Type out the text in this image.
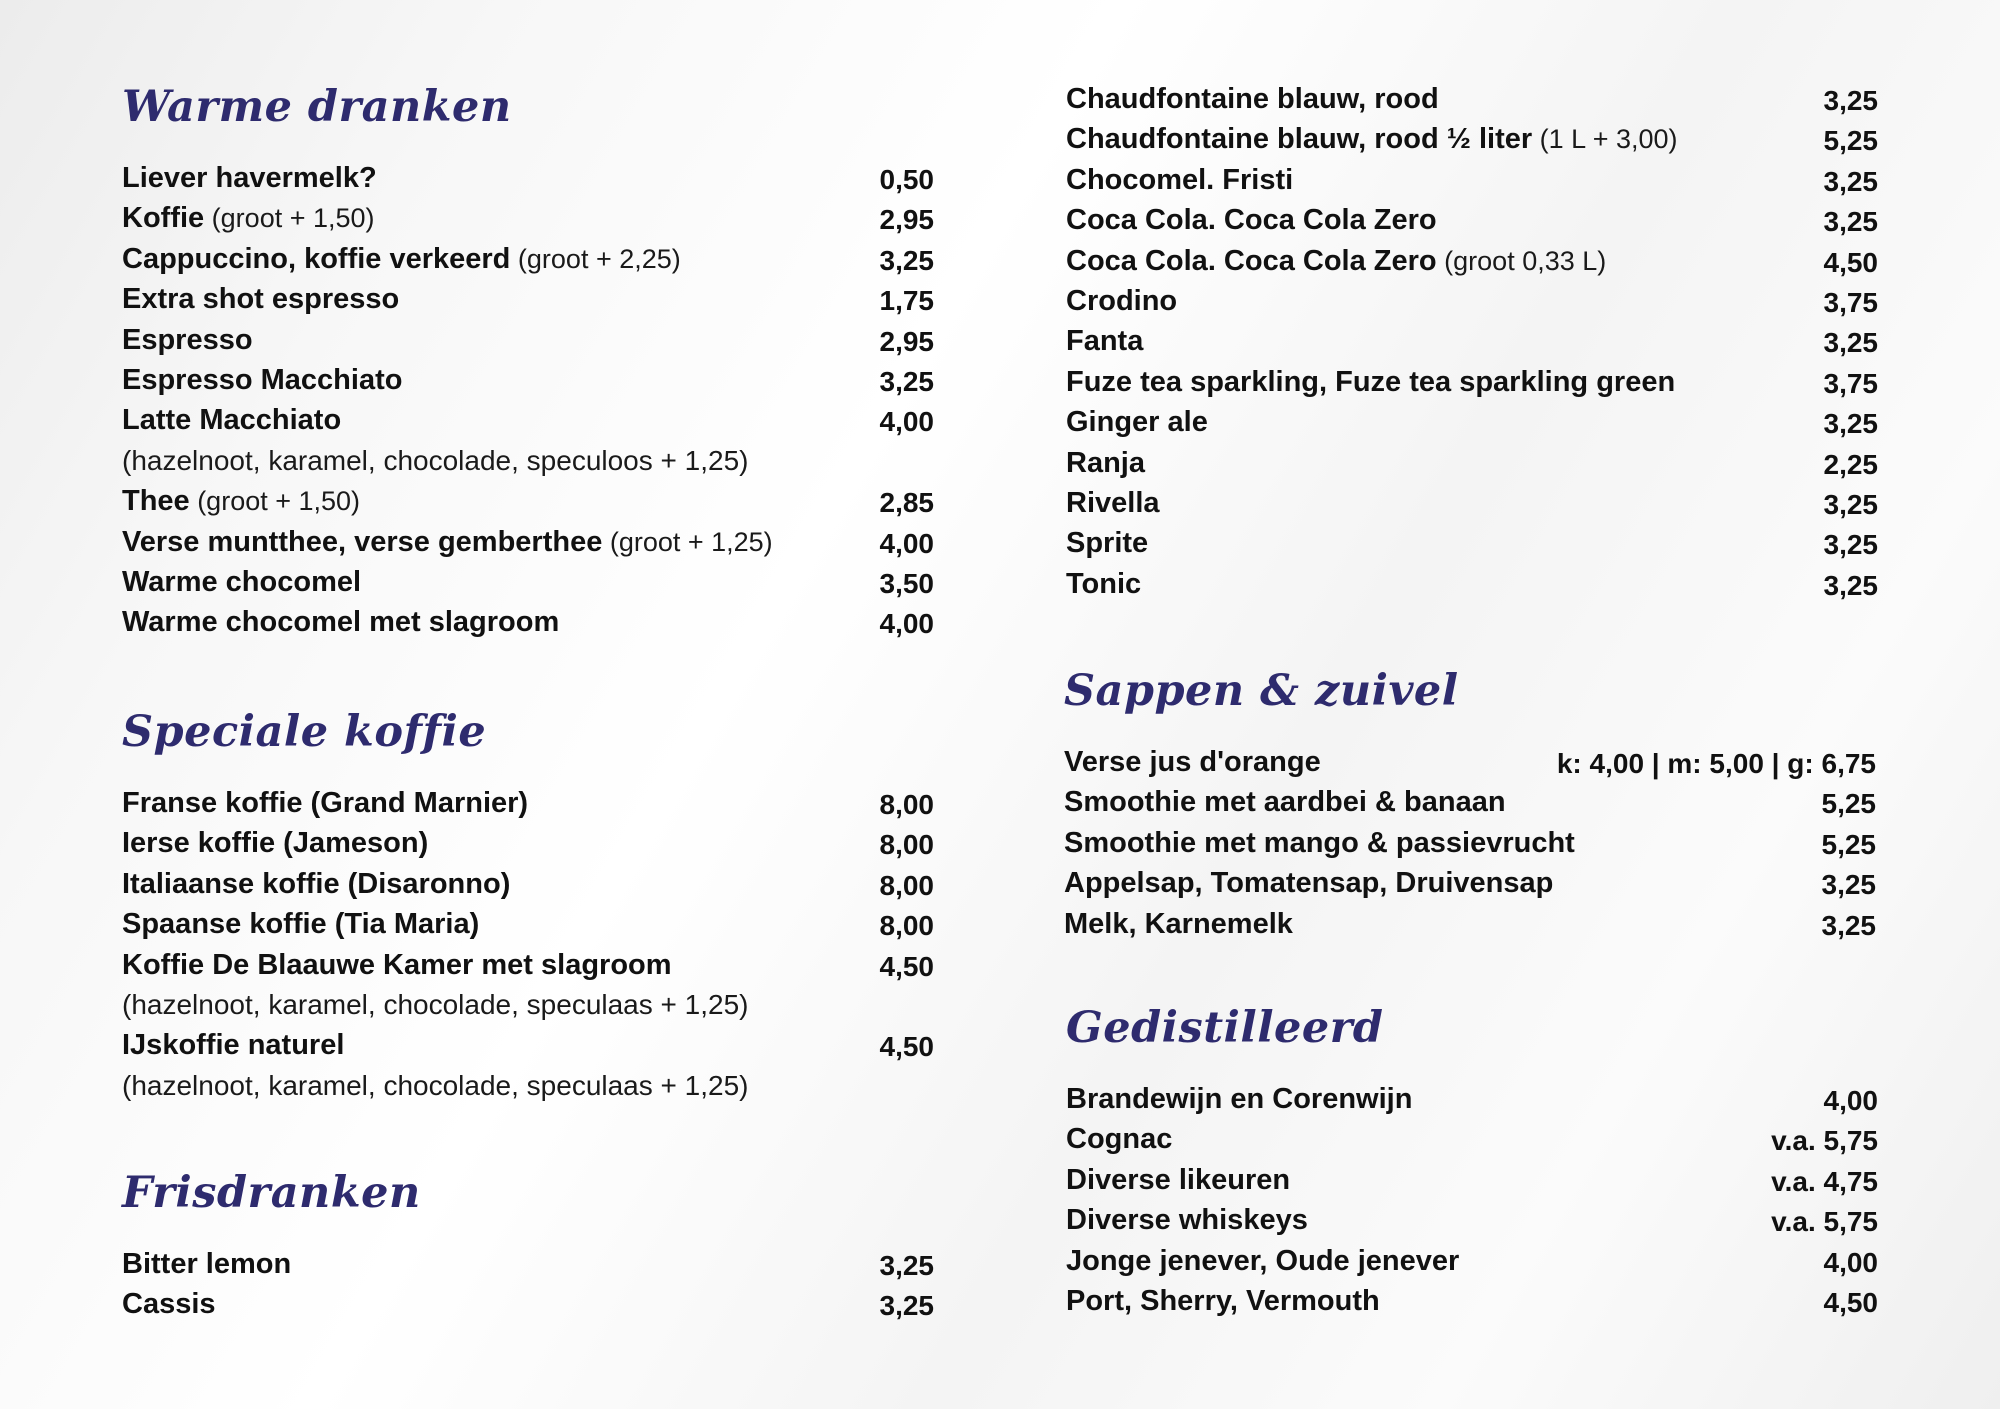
Warme dranken
Liever havermelk?	0,50
Koffie (groot + 1,50)	2,95
Cappuccino, koffie verkeerd (groot + 2,25)	3,25
Extra shot espresso	1,75
Espresso	2,95
Espresso Macchiato	3,25
Latte Macchiato	4,00
(hazelnoot, karamel, chocolade, speculoos + 1,25)
Thee (groot + 1,50)	2,85
Verse muntthee, verse gemberthee (groot + 1,25)	4,00
Warme chocomel	3,50
Warme chocomel met slagroom	4,00
Speciale koffie
Franse koffie (Grand Marnier)	8,00
Ierse koffie (Jameson)	8,00
Italiaanse koffie (Disaronno)	8,00
Spaanse koffie (Tia Maria)	8,00
Koffie De Blaauwe Kamer met slagroom	4,50
(hazelnoot, karamel, chocolade, speculaas + 1,25)
IJskoffie naturel	4,50
(hazelnoot, karamel, chocolade, speculaas + 1,25)
Frisdranken
Bitter lemon	3,25
Cassis	3,25
Chaudfontaine blauw, rood	3,25
Chaudfontaine blauw, rood ½ liter (1 L + 3,00)	5,25
Chocomel. Fristi	3,25
Coca Cola. Coca Cola Zero	3,25
Coca Cola. Coca Cola Zero (groot 0,33 L)	4,50
Crodino	3,75
Fanta	3,25
Fuze tea sparkling, Fuze tea sparkling green	3,75
Ginger ale	3,25
Ranja	2,25
Rivella	3,25
Sprite	3,25
Tonic	3,25
Sappen & zuivel
Verse jus d'orange	k: 4,00 | m: 5,00 | g: 6,75
Smoothie met aardbei & banaan	5,25
Smoothie met mango & passievrucht	5,25
Appelsap, Tomatensap, Druivensap	3,25
Melk, Karnemelk	3,25
Gedistilleerd
Brandewijn en Corenwijn	4,00
Cognac	v.a. 5,75
Diverse likeuren	v.a. 4,75
Diverse whiskeys	v.a. 5,75
Jonge jenever, Oude jenever	4,00
Port, Sherry, Vermouth	4,50
